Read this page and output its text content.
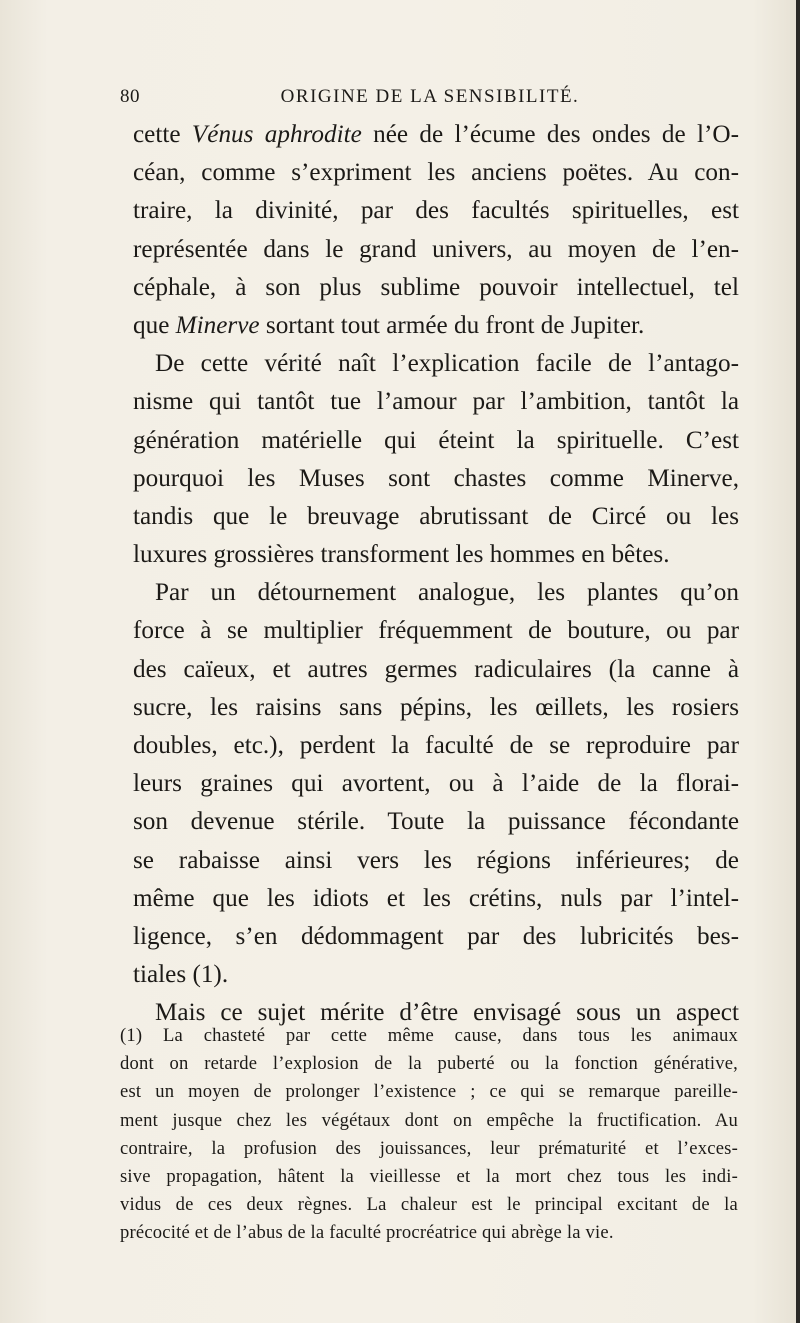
80	ORIGINE DE LA SENSIBILITÉ.
cette Vénus aphrodite née de l’écume des ondes de l’O-
céan, comme s’expriment les anciens poëtes. Au con-
traire, la divinité, par des facultés spirituelles, est
représentée dans le grand univers, au moyen de l’en-
céphale, à son plus sublime pouvoir intellectuel, tel
que Minerve sortant tout armée du front de Jupiter.
De cette vérité naît l’explication facile de l’antago-
nisme qui tantôt tue l’amour par l’ambition, tantôt la
génération matérielle qui éteint la spirituelle. C’est
pourquoi les Muses sont chastes comme Minerve,
tandis que le breuvage abrutissant de Circé ou les
luxures grossières transforment les hommes en bêtes.
Par un détournement analogue, les plantes qu’on
force à se multiplier fréquemment de bouture, ou par
des caïeux, et autres germes radiculaires (la canne à
sucre, les raisins sans pépins, les œillets, les rosiers
doubles, etc.), perdent la faculté de se reproduire par
leurs graines qui avortent, ou à l’aide de la florai-
son devenue stérile. Toute la puissance fécondante
se rabaisse ainsi vers les régions inférieures; de
même que les idiots et les crétins, nuls par l’intel-
ligence, s’en dédommagent par des lubricités bes-
tiales (1).
Mais ce sujet mérite d’être envisagé sous un aspect
(1) La chasteté par cette même cause, dans tous les animaux
dont on retarde l’explosion de la puberté ou la fonction générative,
est un moyen de prolonger l’existence ; ce qui se remarque pareille-
ment jusque chez les végétaux dont on empêche la fructification. Au
contraire, la profusion des jouissances, leur prématurité et l’exces-
sive propagation, hâtent la vieillesse et la mort chez tous les indi-
vidus de ces deux règnes. La chaleur est le principal excitant de la
précocité et de l’abus de la faculté procréatrice qui abrège la vie.
